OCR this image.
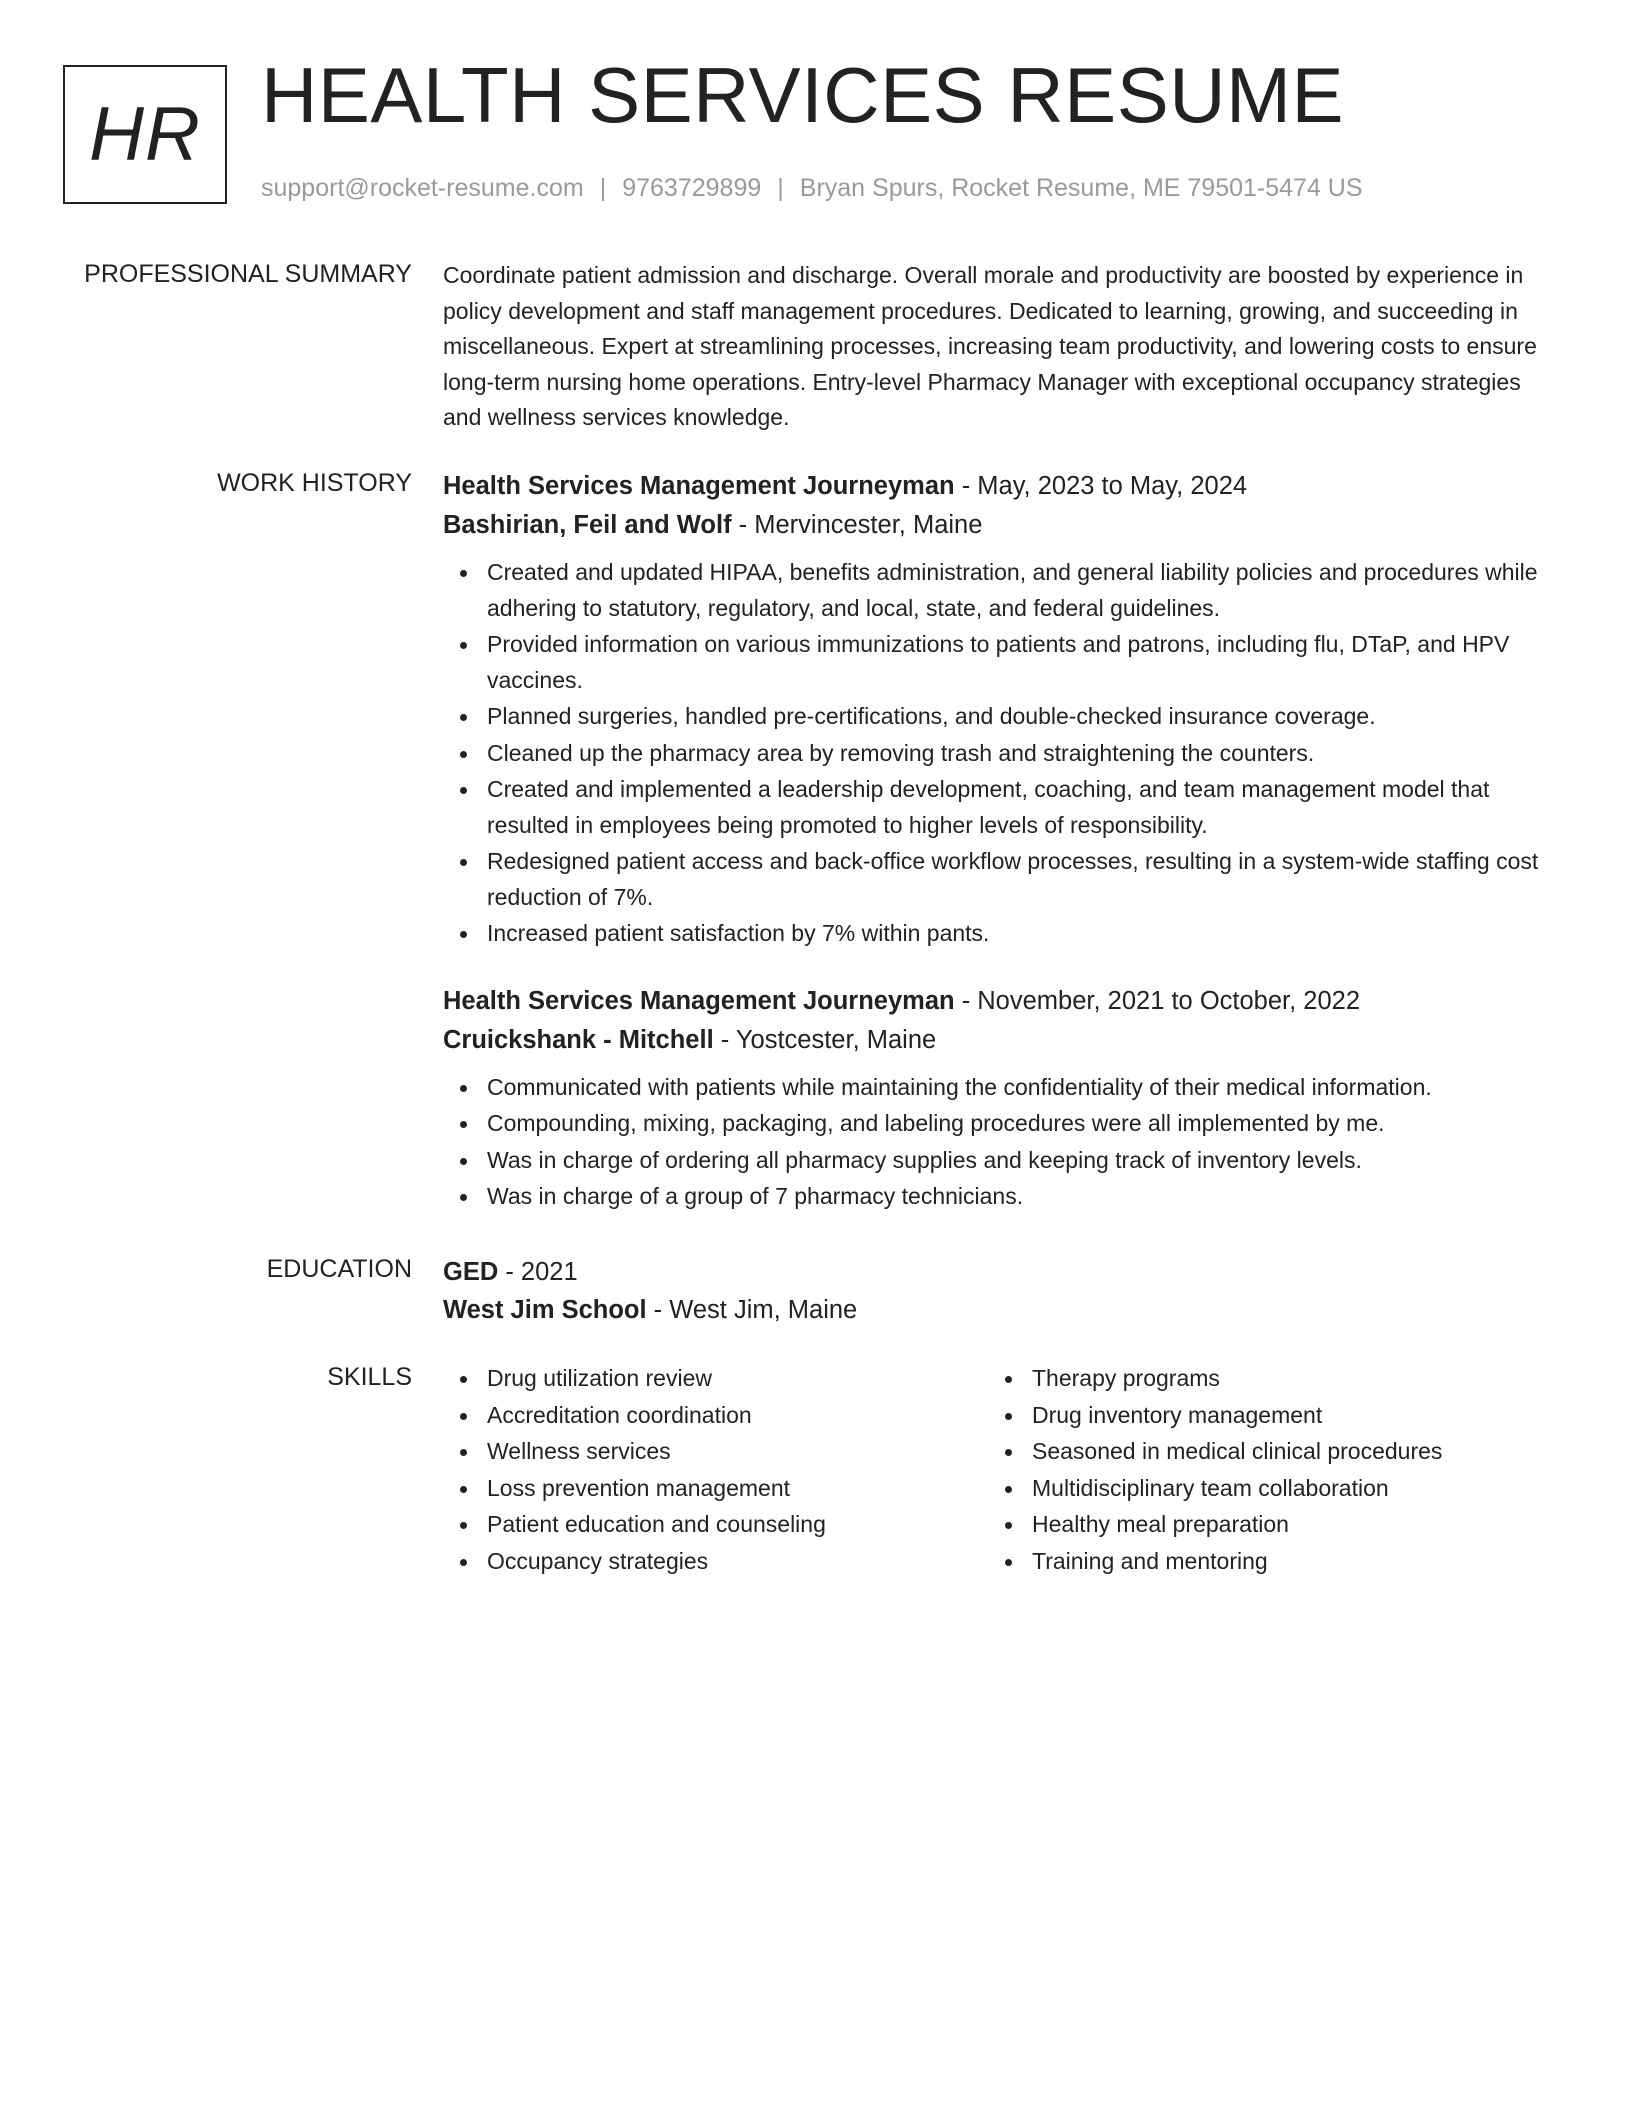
HR HEALTH SERVICES RESUME
support@rocket-resume.com | 9763729899 | Bryan Spurs, Rocket Resume, ME 79501-5474 US
PROFESSIONAL SUMMARY Coordinate patient admission and discharge. Overall morale and productivity are boosted by experience in policy development and staff management procedures. Dedicated to learning, growing, and succeeding in miscellaneous. Expert at streamlining processes, increasing team productivity, and lowering costs to ensure long-term nursing home operations. Entry-level Pharmacy Manager with exceptional occupancy strategies and wellness services knowledge.

WORK HISTORY Health Services Management Journeyman - May, 2023 to May, 2024
Bashirian, Feil and Wolf - Mervincester, Maine
Created and updated HIPAA, benefits administration, and general liability policies and procedures while adhering to statutory, regulatory, and local, state, and federal guidelines.
Provided information on various immunizations to patients and patrons, including flu, DTaP, and HPV vaccines.
Planned surgeries, handled pre-certifications, and double-checked insurance coverage.
Cleaned up the pharmacy area by removing trash and straightening the counters.
Created and implemented a leadership development, coaching, and team management model that resulted in employees being promoted to higher levels of responsibility.
Redesigned patient access and back-office workflow processes, resulting in a system-wide staffing cost reduction of 7%.
Increased patient satisfaction by 7% within pants.
Health Services Management Journeyman - November, 2021 to October, 2022
Cruickshank - Mitchell - Yostcester, Maine
Communicated with patients while maintaining the confidentiality of their medical information.
Compounding, mixing, packaging, and labeling procedures were all implemented by me.
Was in charge of ordering all pharmacy supplies and keeping track of inventory levels.
Was in charge of a group of 7 pharmacy technicians.
EDUCATION GED - 2021
West Jim School - West Jim, Maine
SKILLS	Drug utilization review
Accreditation coordination
Wellness services
Loss prevention management
Patient education and counseling
Occupancy strategies
Therapy programs
Drug inventory management
Seasoned in medical clinical procedures
Multidisciplinary team collaboration
Healthy meal preparation
Training and mentoring
